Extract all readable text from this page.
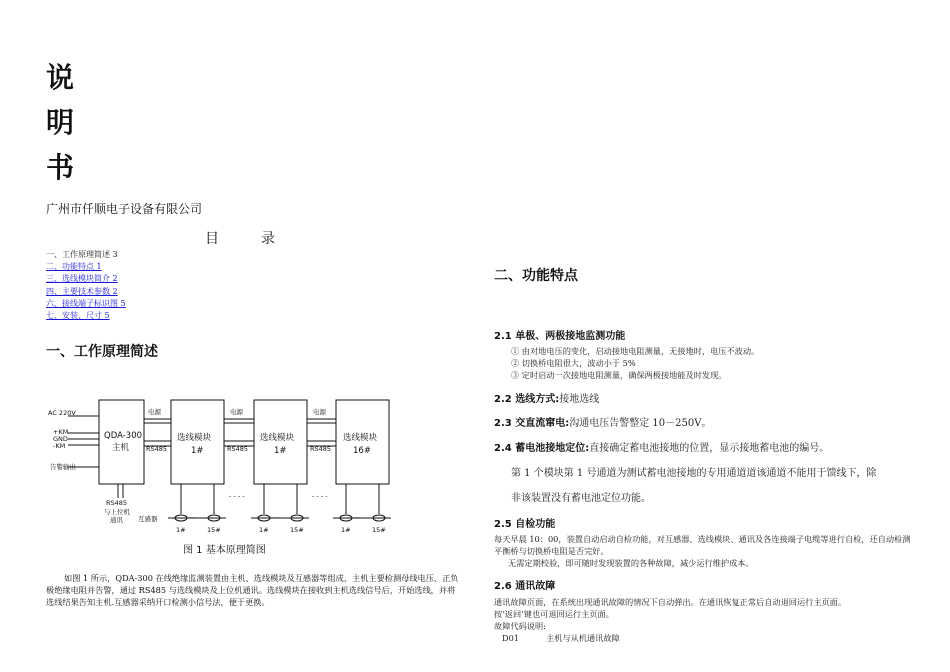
说
明
书
广州市仟顺电子设备有限公司
目　录
一、工作原理简述 3
二、功能特点 1
三、选线模块简介 2
四、主要技术参数 2
六、接线端子标识图 5
七、安装、尺寸 5
一、工作原理简述
AC 220V
+KM
GND
-KM
告警输出
QDA-300
主机
RS485
与上位机
通讯 互感器
电源	电源	电源
RS485	RS485	RS485
选线模块	选线模块	选线模块
1#	1#	16#
- - - -	- - - -
···	···	···
1#	15#	1#	15#	1#	15#
图 1 基本原理简图
如图 1 所示，QDA-300 在线绝缘监测装置由主机、选线模块及互感器等组成，主机主要检测母线电压、正负极绝缘电阻并告警，通过 RS485 与选线模块及上位机通讯。选线模块在接收到主机选线信号后，开始选线，并将选线结果告知主机.互感器采纳开口检测小信号法，便于更换。
二、功能特点
2.1 单极、两极接地监测功能
① 由对地电压的变化，启动接地电阻测量，无接地时，电压不波动。
② 切换桥电阻很大，波动小于 5%
③ 定时启动一次接地电阻测量，确保两极接地能及时发现。
2.2 选线方式:接地选线
2.3 交直流窜电:沟通电压告警整定 10－250V。
2.4 蓄电池接地定位:直接确定蓄电池接地的位置，显示接地蓄电池的编号。
第 1 个模块第 1 号通道为测试蓄电池接地的专用通道道该通道不能用于馈线下，除
非该装置没有蓄电池定位功能。
2.5 自检功能
每天早晨 10：00，装置自动启动自检功能，对互感器、选线模块、通讯及各连接端子电缆等进行自检，还自动检测平衡桥与切换桥电阻是否完好。
无需定期校验，即可随时发现装置的各种故障，减少运行维护成本。
2.6 通讯故障
通讯故障页面，在系统出现通讯故障的情况下自动弹出。在通讯恢复正常后自动退回运行主页面。
按‘返回’键也可退回运行主页面。
故障代码说明:
D01	主机与从机通讯故障
